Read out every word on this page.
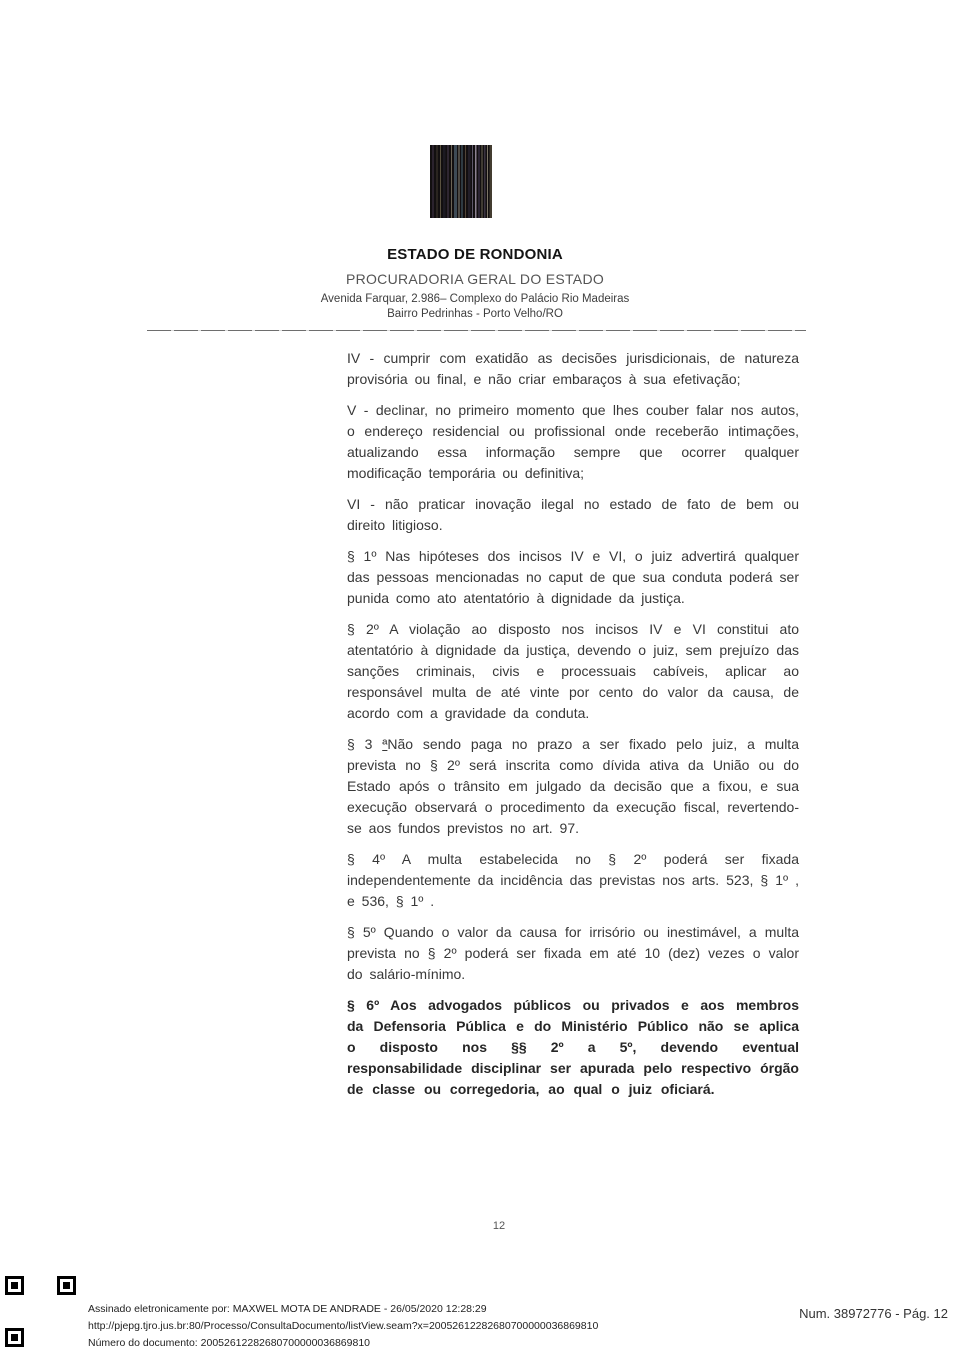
ESTADO DE RONDONIA
PROCURADORIA GERAL DO ESTADO
Avenida Farquar, 2.986– Complexo do Palácio Rio Madeiras
Bairro Pedrinhas - Porto Velho/RO

IV - cumprir com exatidão as decisões jurisdicionais, de natureza provisória ou final, e não criar embaraços à sua efetivação;

V - declinar, no primeiro momento que lhes couber falar nos autos, o endereço residencial ou profissional onde receberão intimações, atualizando essa informação sempre que ocorrer qualquer modificação temporária ou definitiva;

VI - não praticar inovação ilegal no estado de fato de bem ou direito litigioso.

§ 1º Nas hipóteses dos incisos IV e VI, o juiz advertirá qualquer das pessoas mencionadas no caput de que sua conduta poderá ser punida como ato atentatório à dignidade da justiça.

§ 2º A violação ao disposto nos incisos IV e VI constitui ato atentatório à dignidade da justiça, devendo o juiz, sem prejuízo das sanções criminais, civis e processuais cabíveis, aplicar ao responsável multa de até vinte por cento do valor da causa, de acordo com a gravidade da conduta.

§ 3 ªNão sendo paga no prazo a ser fixado pelo juiz, a multa prevista no § 2º será inscrita como dívida ativa da União ou do Estado após o trânsito em julgado da decisão que a fixou, e sua execução observará o procedimento da execução fiscal, revertendo-se aos fundos previstos no art. 97.

§ 4º A multa estabelecida no § 2º poderá ser fixada independentemente da incidência das previstas nos arts. 523, § 1º , e 536, § 1º .

§ 5º Quando o valor da causa for irrisório ou inestimável, a multa prevista no § 2º poderá ser fixada em até 10 (dez) vezes o valor do salário-mínimo.

§ 6º Aos advogados públicos ou privados e aos membros da Defensoria Pública e do Ministério Público não se aplica o disposto nos §§ 2º a 5º, devendo eventual responsabilidade disciplinar ser apurada pelo respectivo órgão de classe ou corregedoria, ao qual o juiz oficiará.

12
Assinado eletronicamente por: MAXWEL MOTA DE ANDRADE - 26/05/2020 12:28:29
http://pjepg.tjro.jus.br:80/Processo/ConsultaDocumento/listView.seam?x=20052612282680700000036869810
Número do documento: 20052612282680700000036869810
Num. 38972776 - Pág. 12
